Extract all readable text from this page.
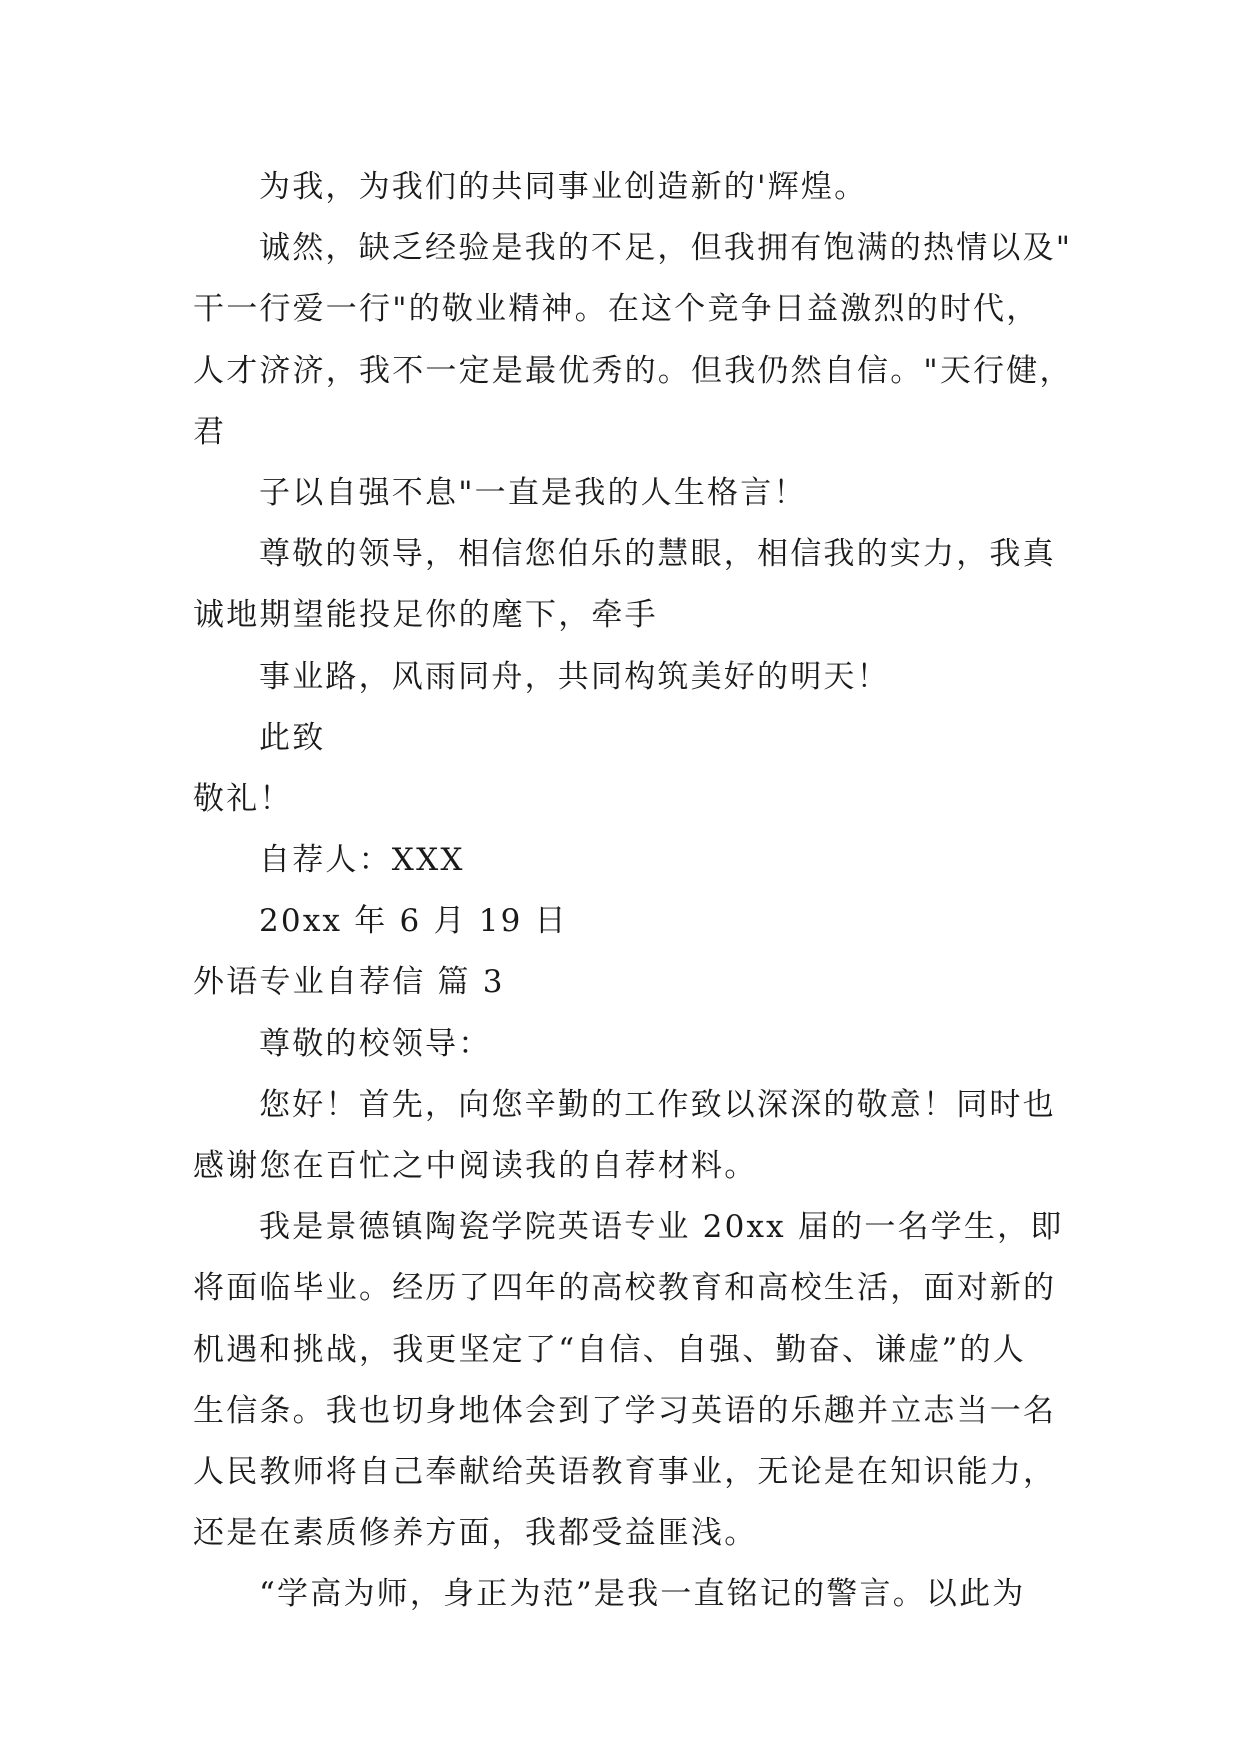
为我，为我们的共同事业创造新的'辉煌。
诚然，缺乏经验是我的不足，但我拥有饱满的热情以及"
干一行爱一行"的敬业精神。在这个竞争日益激烈的时代，
人才济济，我不一定是最优秀的。但我仍然自信。"天行健，
君
子以自强不息"一直是我的人生格言！
尊敬的领导，相信您伯乐的慧眼，相信我的实力，我真
诚地期望能投足你的麾下，牵手
事业路，风雨同舟，共同构筑美好的明天！
此致
敬礼！
自荐人：XXX
20xx 年 6 月 19 日
外语专业自荐信 篇 3
尊敬的校领导：
您好！首先，向您辛勤的工作致以深深的敬意！同时也
感谢您在百忙之中阅读我的自荐材料。
我是景德镇陶瓷学院英语专业 20xx 届的一名学生，即
将面临毕业。经历了四年的高校教育和高校生活，面对新的
机遇和挑战，我更坚定了“自信、自强、勤奋、谦虚”的人
生信条。我也切身地体会到了学习英语的乐趣并立志当一名
人民教师将自己奉献给英语教育事业，无论是在知识能力，
还是在素质修养方面，我都受益匪浅。
“学高为师，身正为范”是我一直铭记的警言。以此为
